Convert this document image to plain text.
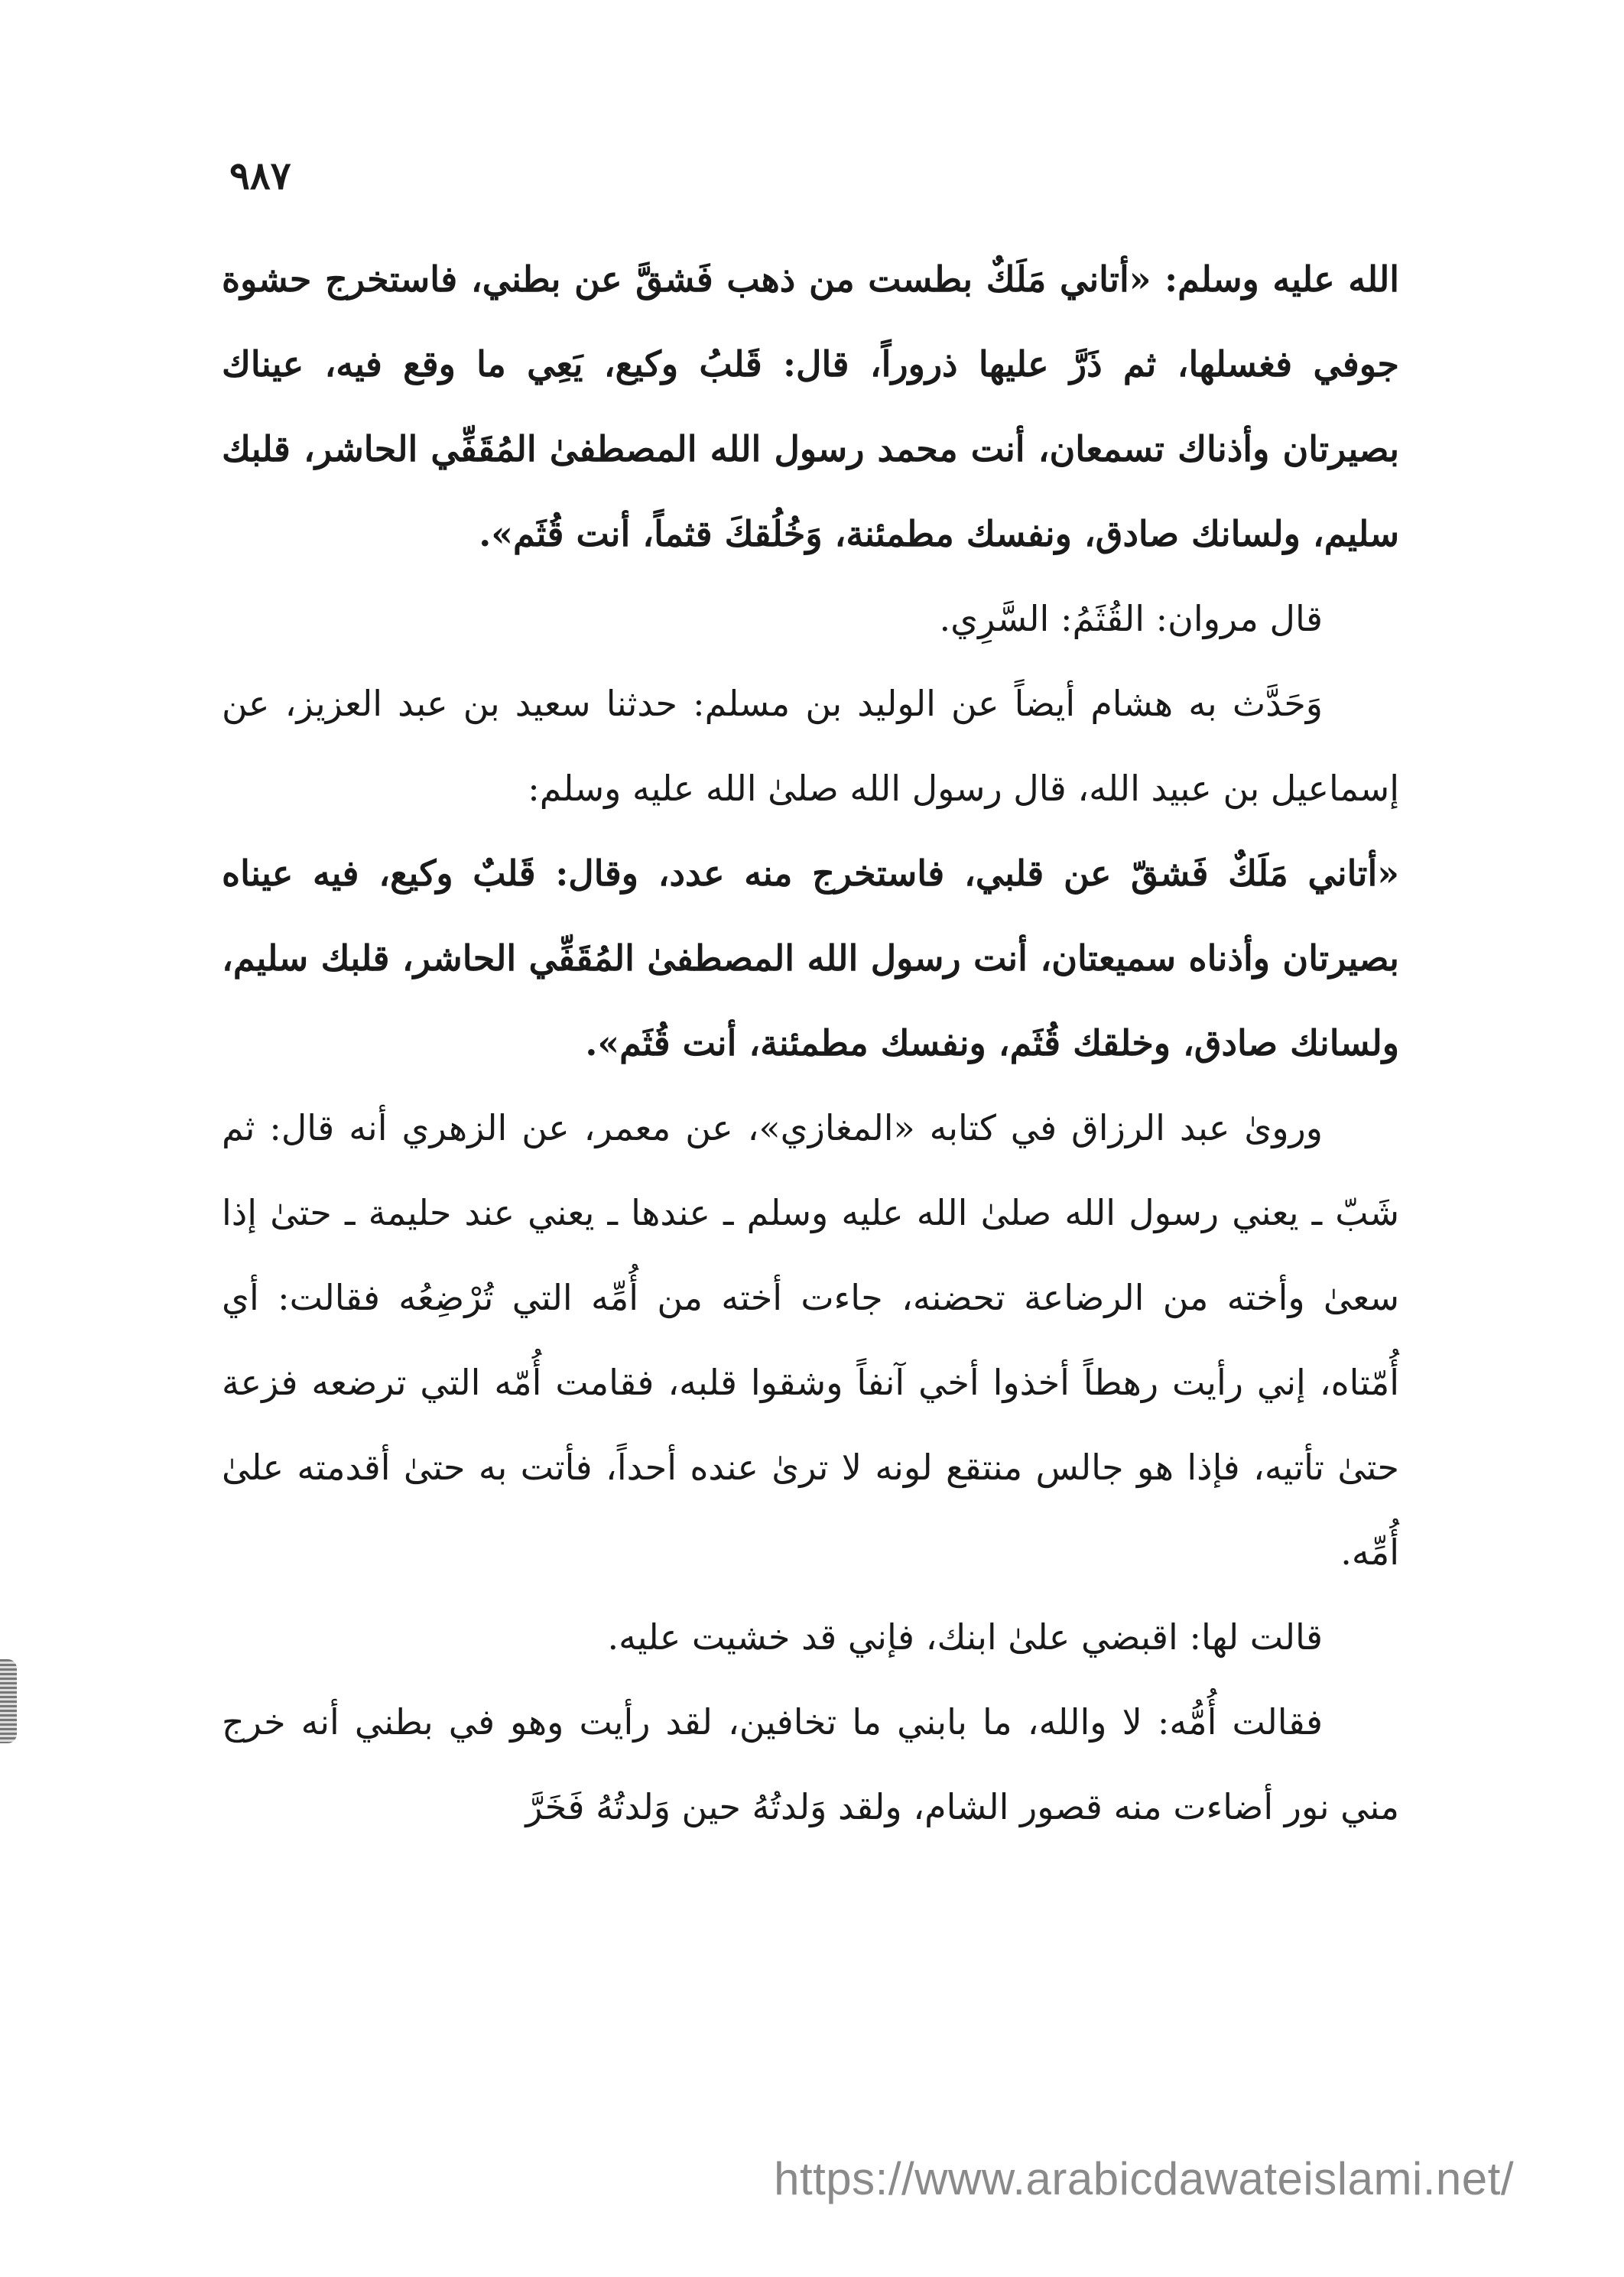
٩٨٧

الله عليه وسلم: «أتاني مَلَكٌ بطست من ذهب فَشقَّ عن بطني، فاستخرج حشوة جوفي فغسلها، ثم ذَرَّ عليها ذروراً، قال: قَلبُ وكيع، يَعِي ما وقع فيه، عيناك بصيرتان وأذناك تسمعان، أنت محمد رسول الله المصطفىٰ المُقَفِّي الحاشر، قلبك سليم، ولسانك صادق، ونفسك مطمئنة، وَخُلُقكَ قثماً، أنت قُثَم».

قال مروان: القُثَمُ: السَّرِي.

وَحَدَّث به هشام أيضاً عن الوليد بن مسلم: حدثنا سعيد بن عبد العزيز، عن إسماعيل بن عبيد الله، قال رسول الله صلىٰ الله عليه وسلم:

«أتاني مَلَكٌ فَشقّ عن قلبي، فاستخرج منه عدد، وقال: قَلبٌ وكيع، فيه عيناه بصيرتان وأذناه سميعتان، أنت رسول الله المصطفىٰ المُقَفِّي الحاشر، قلبك سليم، ولسانك صادق، وخلقك قُثَم، ونفسك مطمئنة، أنت قُثَم».

وروىٰ عبد الرزاق في كتابه «المغازي»، عن معمر، عن الزهري أنه قال: ثم شَبّ ـ يعني رسول الله صلىٰ الله عليه وسلم ـ عندها ـ يعني عند حليمة ـ حتىٰ إذا سعىٰ وأخته من الرضاعة تحضنه، جاءت أخته من أُمِّه التي تُرْضِعُه فقالت: أي أُمّتاه، إني رأيت رهطاً أخذوا أخي آنفاً وشقوا قلبه، فقامت أُمّه التي ترضعه فزعة حتىٰ تأتيه، فإذا هو جالس منتقع لونه لا ترىٰ عنده أحداً، فأتت به حتىٰ أقدمته علىٰ أُمِّه.

قالت لها: اقبضي علىٰ ابنك، فإني قد خشيت عليه.

فقالت أُمُّه: لا والله، ما بابني ما تخافين، لقد رأيت وهو في بطني أنه خرج مني نور أضاءت منه قصور الشام، ولقد وَلدتُهُ حين وَلدتُهُ فَخَرَّ

https://www.arabicdawateislami.net/
